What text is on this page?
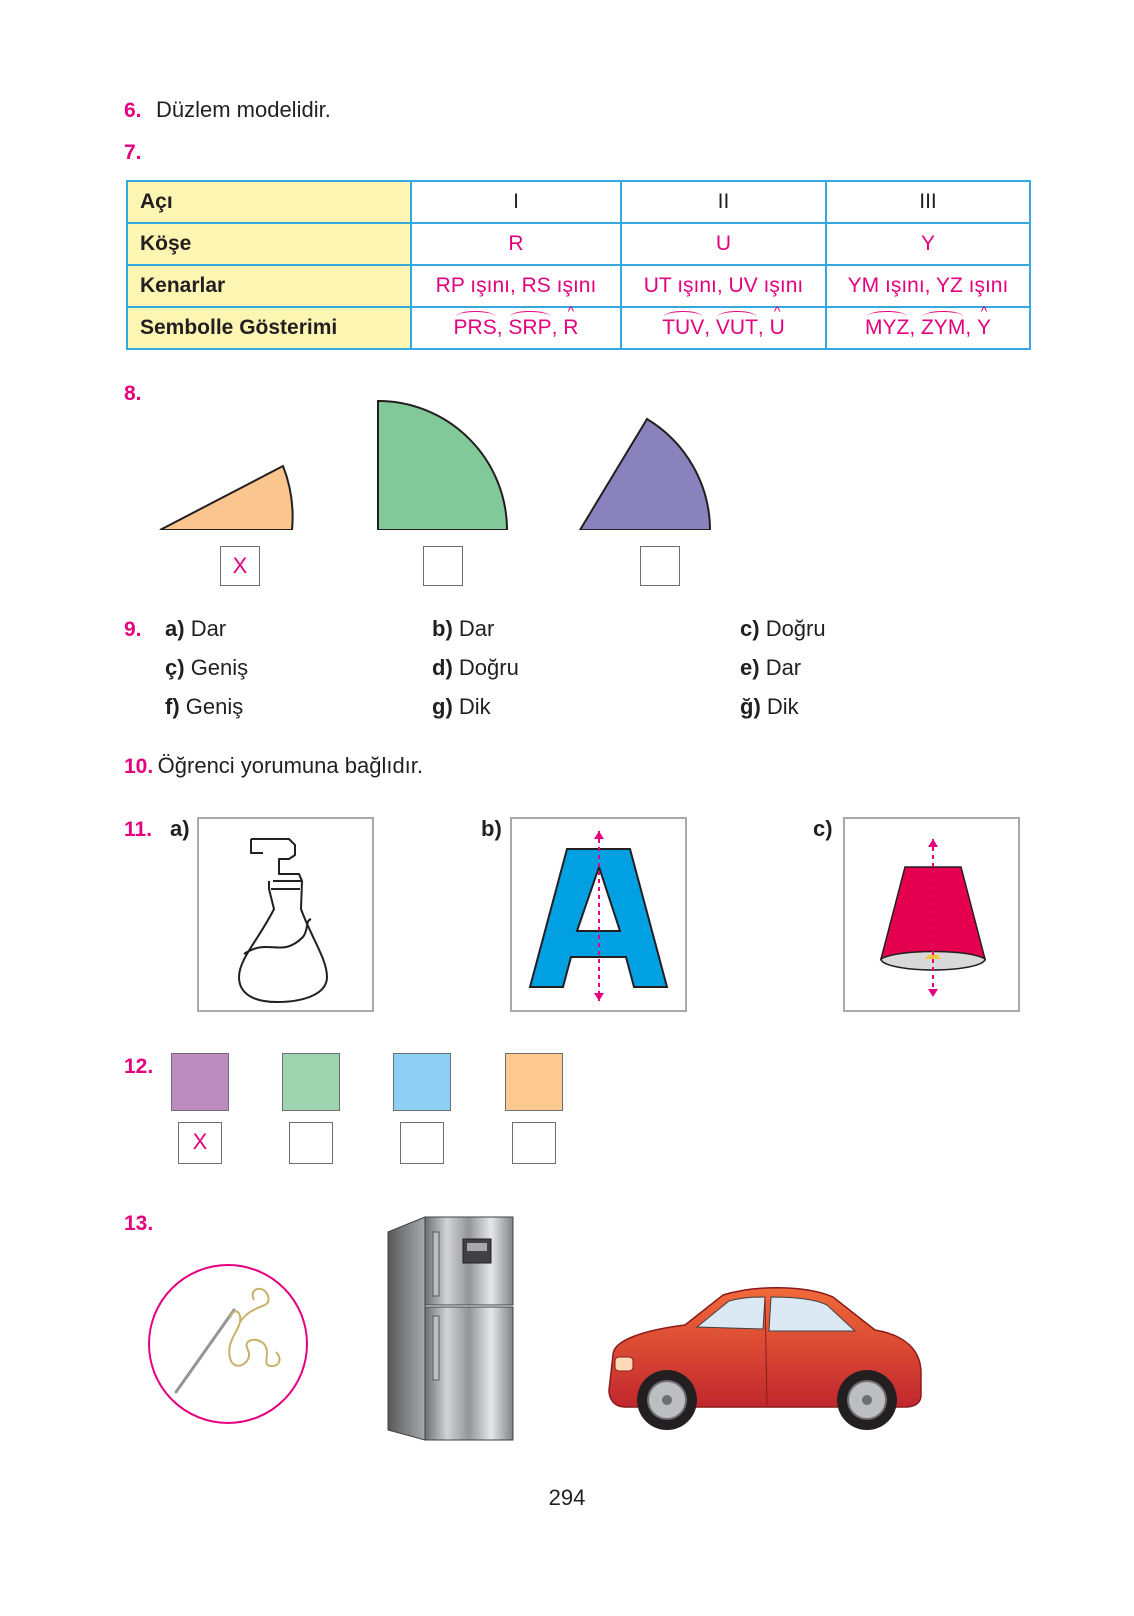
6. Düzlem modelidir.
7.
Açı	I	II	III
Köşe	R	U	Y
Kenarlar	RP ışını, RS ışını	UT ışını, UV ışını	YM ışını, YZ ışını
Sembolle Gösterimi	PRS, SRP, ^ R	TUV, VUT, ^ U	MYZ, ZYM, ^ Y
8.
X
9. a) Dar	b) Dar	c) Doğru
ç) Geniş	d) Doğru	e) Dar
f) Geniş	g) Dik	ğ) Dik
10. Öğrenci yorumuna bağlıdır.
11. a)	b)	c)
12.
X
13.
294
